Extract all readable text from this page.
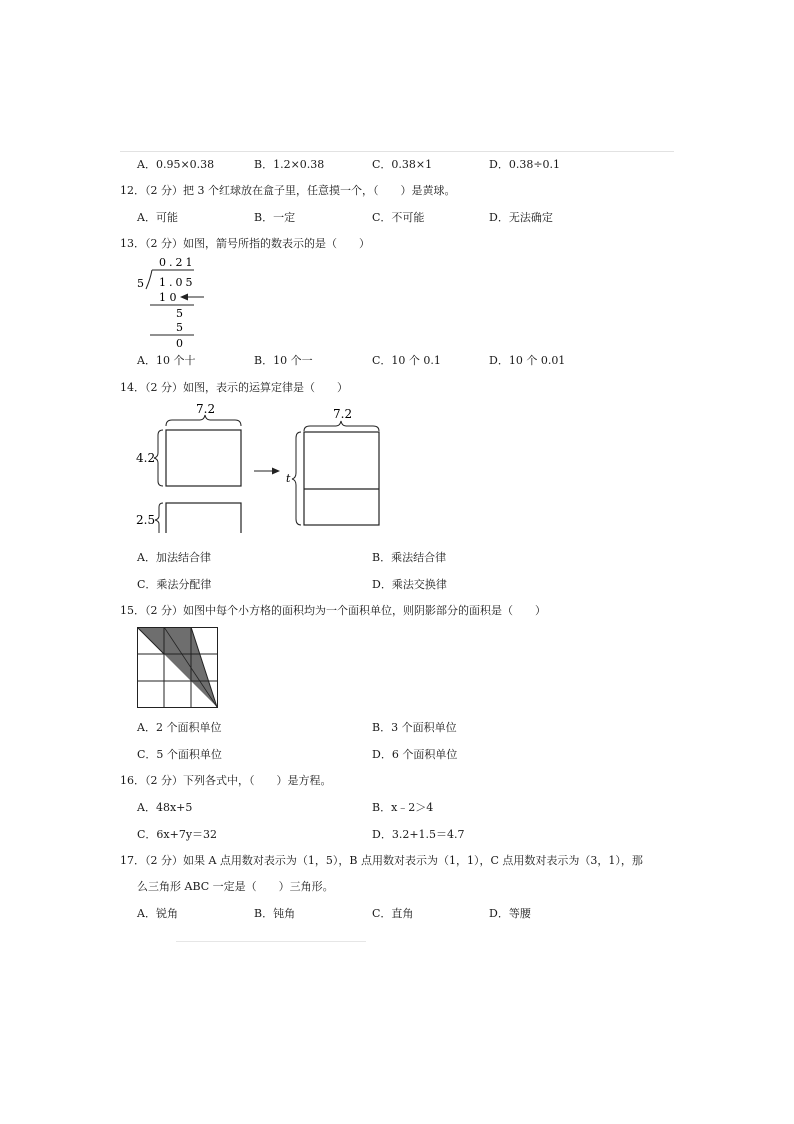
A．0.95×0.38	B．1.2×0.38	C．0.38×1	D．0.38÷0.1
12．（2 分）把 3 个红球放在盒子里，任意摸一个，（　　）是黄球。
A．可能	B．一定	C．不可能	D．无法确定
13．（2 分）如图，箭号所指的数表示的是（　　）
0.21
5 1.05
1 0
5
5
0
A．10 个十	B．10 个一	C．10 个 0.1	D．10 个 0.01
14．（2 分）如图，表示的运算定律是（　　）
7.2
4.2
2.5
7.2
t
A．加法结合律	B．乘法结合律
C．乘法分配律	D．乘法交换律
15．（2 分）如图中每个小方格的面积均为一个面积单位，则阴影部分的面积是（　　）
A．2 个面积单位	B．3 个面积单位
C．5 个面积单位	D．6 个面积单位
16．（2 分）下列各式中，（　　）是方程。
A．48x+5	B．x﹣2＞4
C．6x+7y＝32	D．3.2+1.5＝4.7
17．（2 分）如果 A 点用数对表示为（1，5），B 点用数对表示为（1，1），C 点用数对表示为（3，1），那
么三角形 ABC 一定是（　　）三角形。
A．锐角	B．钝角	C．直角	D．等腰
